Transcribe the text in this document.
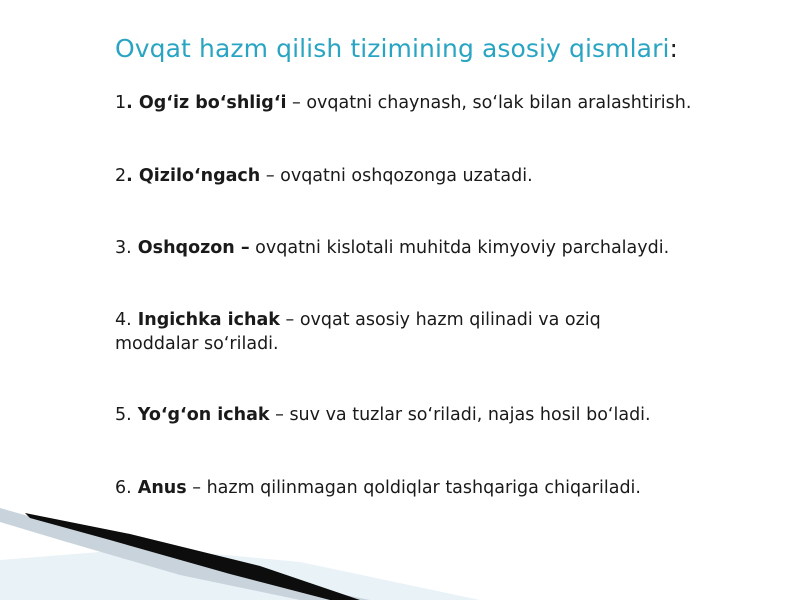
Ovqat hazm qilish tizimining asosiy qismlari:
1. Og‘iz bo‘shlig‘i – ovqatni chaynash, so‘lak bilan aralashtirish.
2. Qizilo‘ngach – ovqatni oshqozonga uzatadi.
3. Oshqozon – ovqatni kislotali muhitda kimyoviy parchalaydi.
4. Ingichka ichak – ovqat asosiy hazm qilinadi va oziq moddalar so‘riladi.
5. Yo‘g‘on ichak – suv va tuzlar so‘riladi, najas hosil bo‘ladi.
6. Anus – hazm qilinmagan qoldiqlar tashqariga chiqariladi.
